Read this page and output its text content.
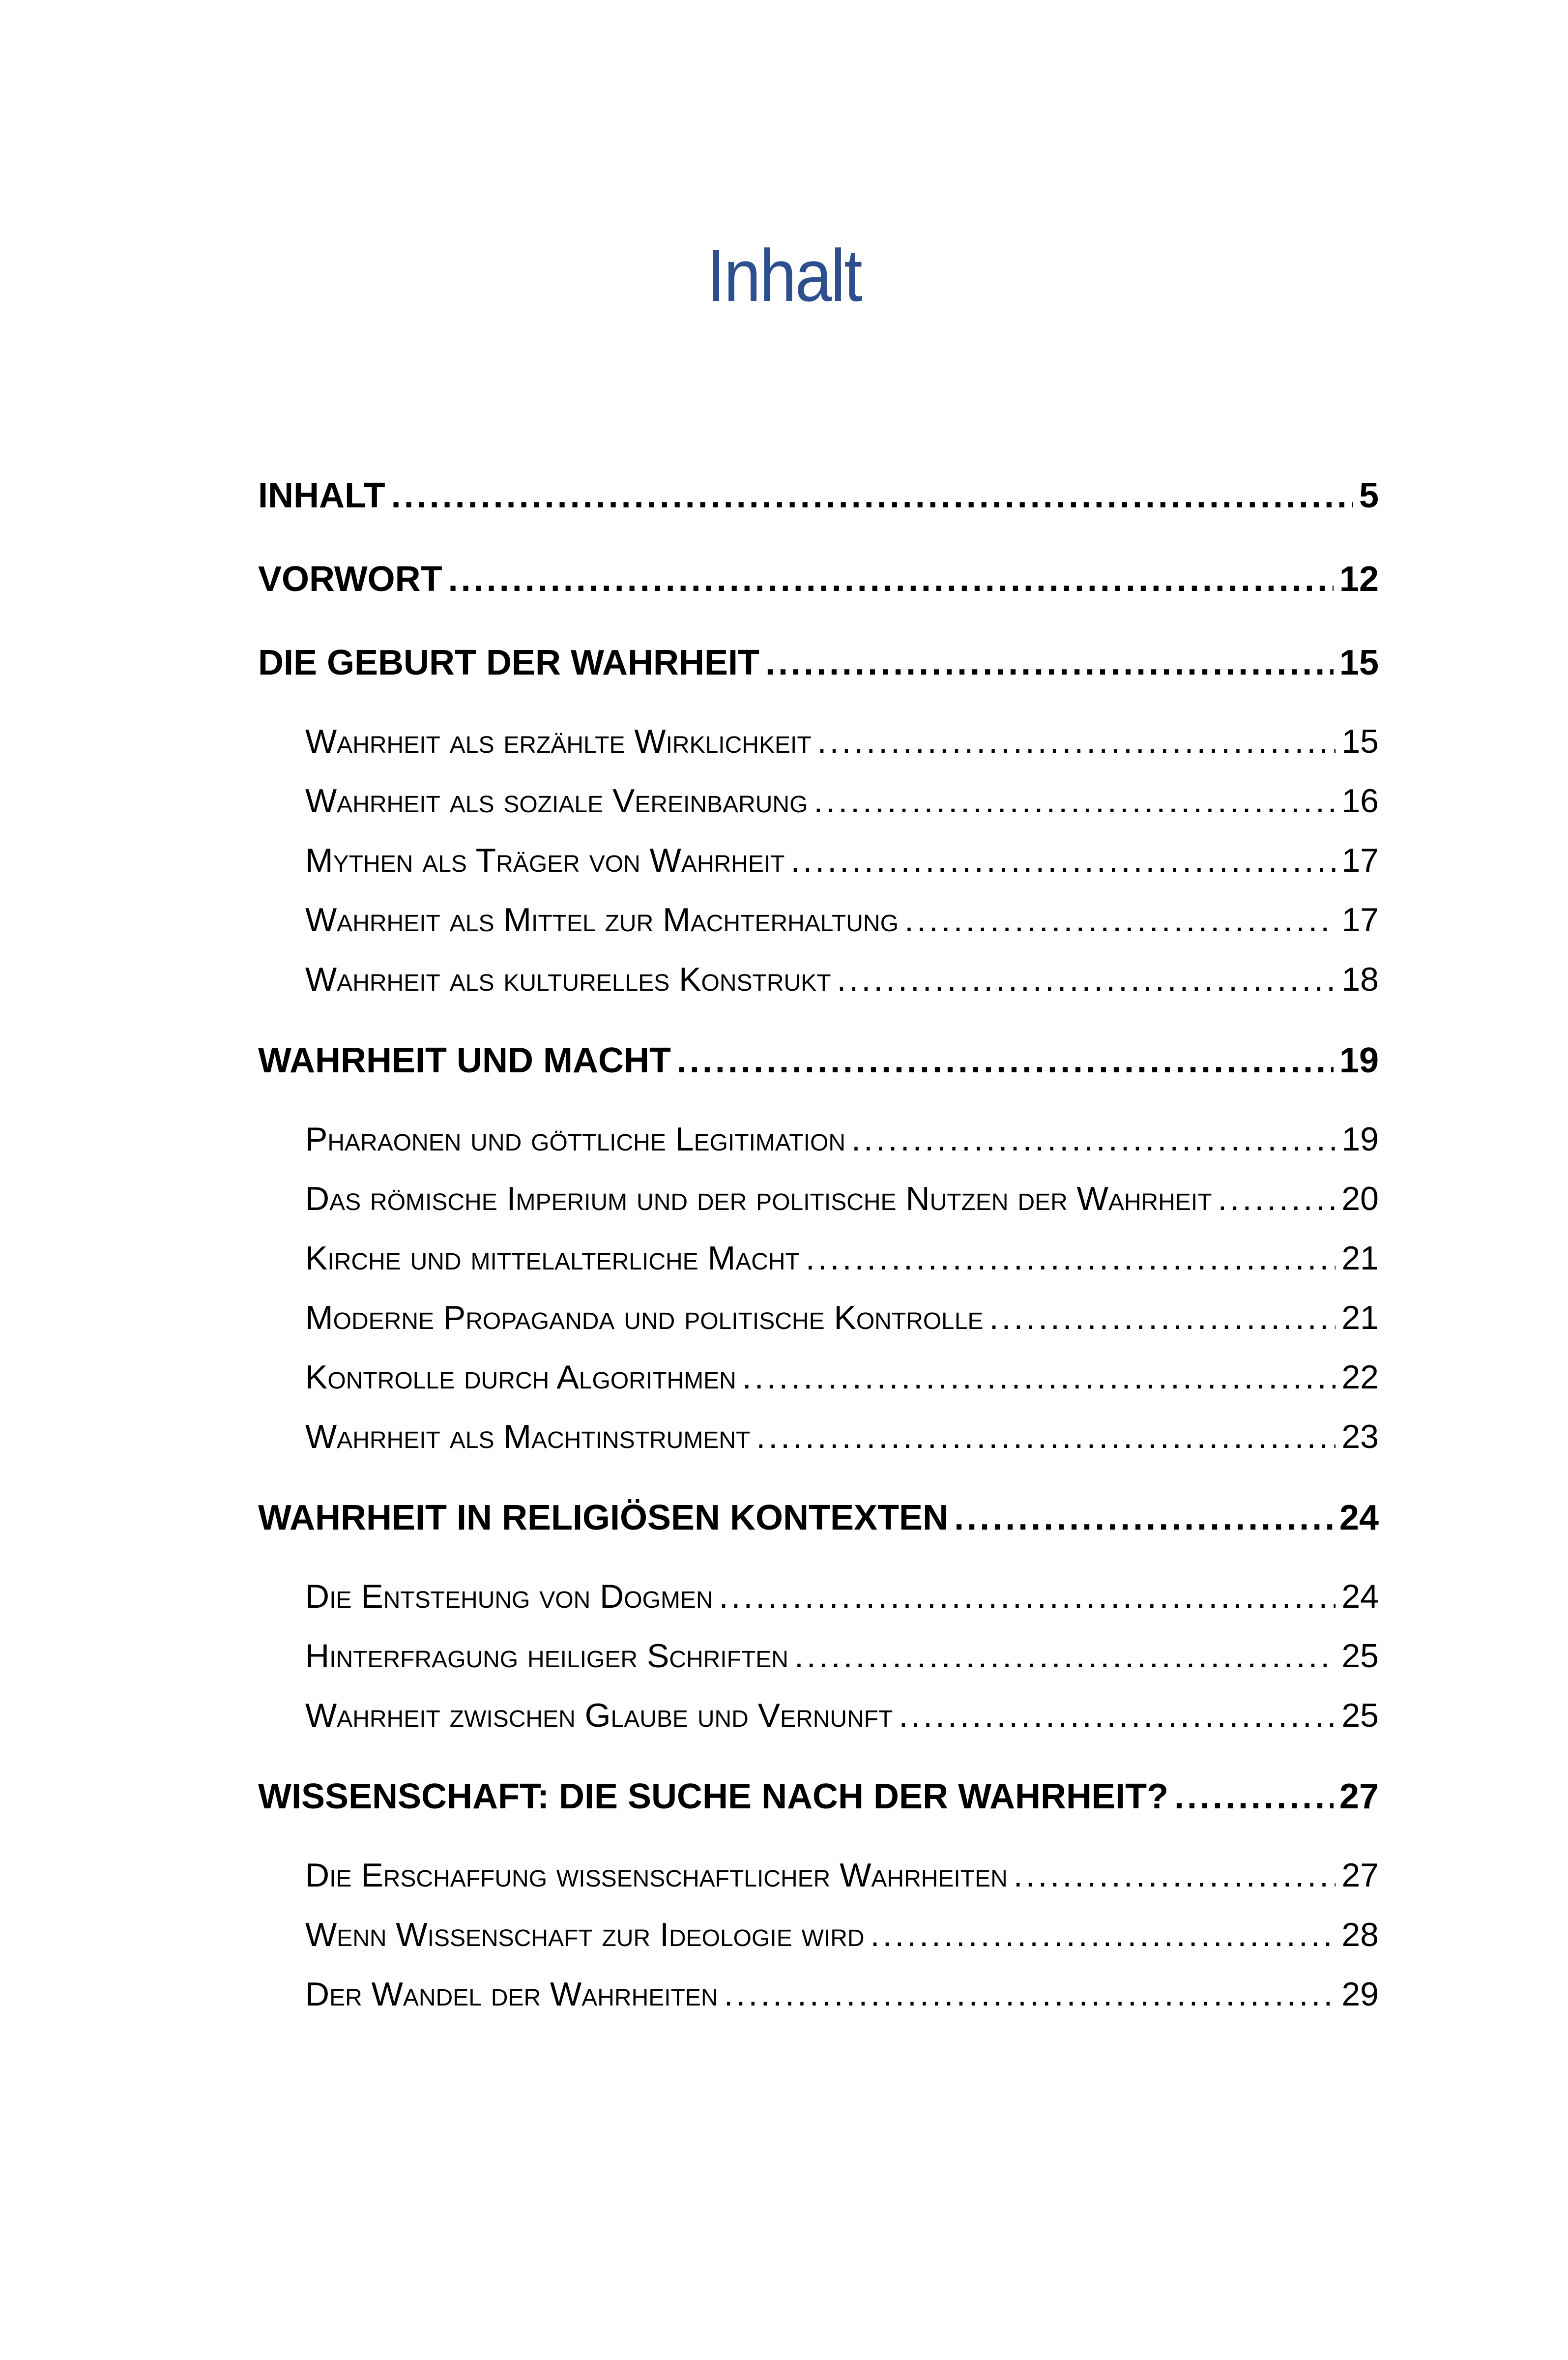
Inhalt
INHALT .....	5
VORWORT .....	12
DIE GEBURT DER WAHRHEIT .....	15
Wahrheit als erzählte Wirklichkeit .....	15
Wahrheit als soziale Vereinbarung .....	16
Mythen als Träger von Wahrheit .....	17
Wahrheit als Mittel zur Machterhaltung .....	17
Wahrheit als kulturelles Konstrukt .....	18
WAHRHEIT UND MACHT .....	19
Pharaonen und göttliche Legitimation .....	19
Das römische Imperium und der politische Nutzen der Wahrheit .....	20
Kirche und mittelalterliche Macht .....	21
Moderne Propaganda und politische Kontrolle .....	21
Kontrolle durch Algorithmen .....	22
Wahrheit als Machtinstrument .....	23
WAHRHEIT IN RELIGIÖSEN KONTEXTEN .....	24
Die Entstehung von Dogmen .....	24
Hinterfragung heiliger Schriften .....	25
Wahrheit zwischen Glaube und Vernunft .....	25
WISSENSCHAFT: DIE SUCHE NACH DER WAHRHEIT? .....	27
Die Erschaffung wissenschaftlicher Wahrheiten .....	27
Wenn Wissenschaft zur Ideologie wird .....	28
Der Wandel der Wahrheiten .....	29
